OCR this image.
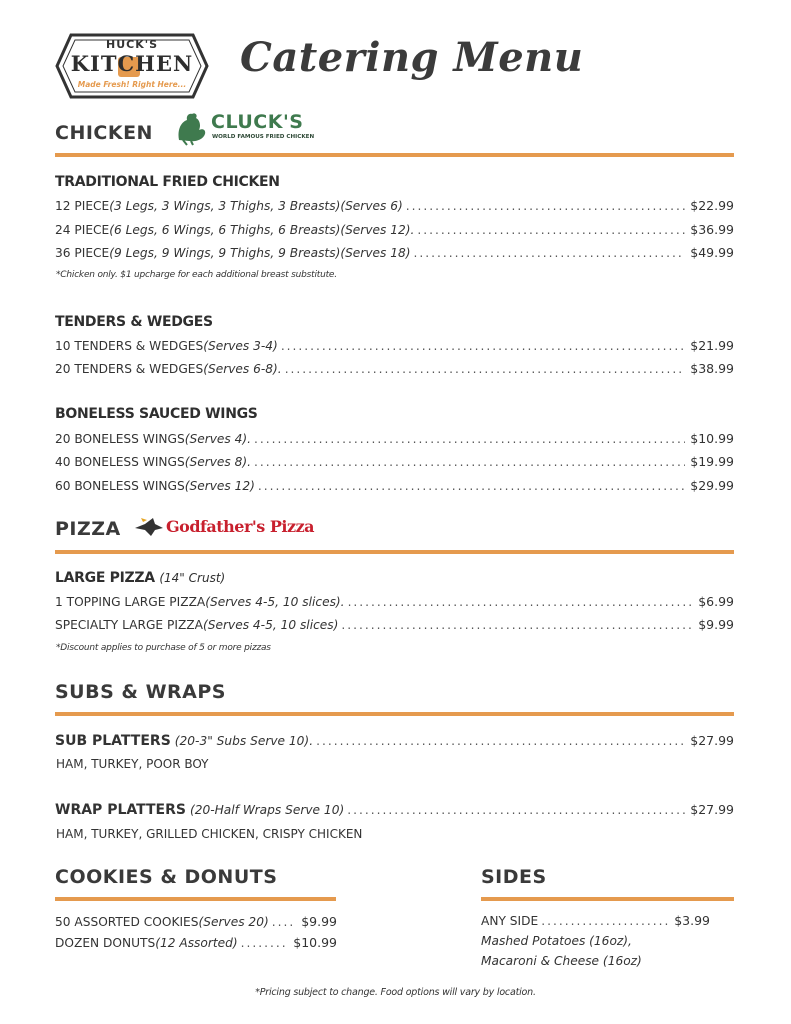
HUCK'S
KITCHEN
Made Fresh! Right Here...
Catering Menu
CHICKEN	CLUCK'S
WORLD FAMOUS FRIED CHICKEN
TRADITIONAL FRIED CHICKEN
12 PIECE (3 Legs, 3 Wings, 3 Thighs, 3 Breasts)(Serves 6) .....	$22.99
24 PIECE (6 Legs, 6 Wings, 6 Thighs, 6 Breasts)(Serves 12). .....	$36.99
36 PIECE (9 Legs, 9 Wings, 9 Thighs, 9 Breasts)(Serves 18) .....	$49.99
*Chicken only. $1 upcharge for each additional breast substitute.
TENDERS & WEDGES
10 TENDERS & WEDGES (Serves 3-4) .....	$21.99
20 TENDERS & WEDGES (Serves 6-8). .....	$38.99
BONELESS SAUCED WINGS
20 BONELESS WINGS (Serves 4). .....	$10.99
40 BONELESS WINGS (Serves 8). .....	$19.99
60 BONELESS WINGS (Serves 12) .....	$29.99
PIZZA	Godfather's Pizza
LARGE PIZZA (14" Crust)
1 TOPPING LARGE PIZZA (Serves 4-5, 10 slices). .....	$6.99
SPECIALTY LARGE PIZZA (Serves 4-5, 10 slices) .....	$9.99
*Discount applies to purchase of 5 or more pizzas
SUBS & WRAPS
SUB PLATTERS (20-3" Subs Serve 10). .....	$27.99
HAM, TURKEY, POOR BOY
WRAP PLATTERS (20-Half Wraps Serve 10) .....	$27.99
HAM, TURKEY, GRILLED CHICKEN, CRISPY CHICKEN
COOKIES & DONUTS
50 ASSORTED COOKIES (Serves 20) .....	$9.99
DOZEN DONUTS (12 Assorted) .....	$10.99
SIDES
ANY SIDE .....	$3.99
Mashed Potatoes (16oz),
Macaroni & Cheese (16oz)
*Pricing subject to change. Food options will vary by location.
